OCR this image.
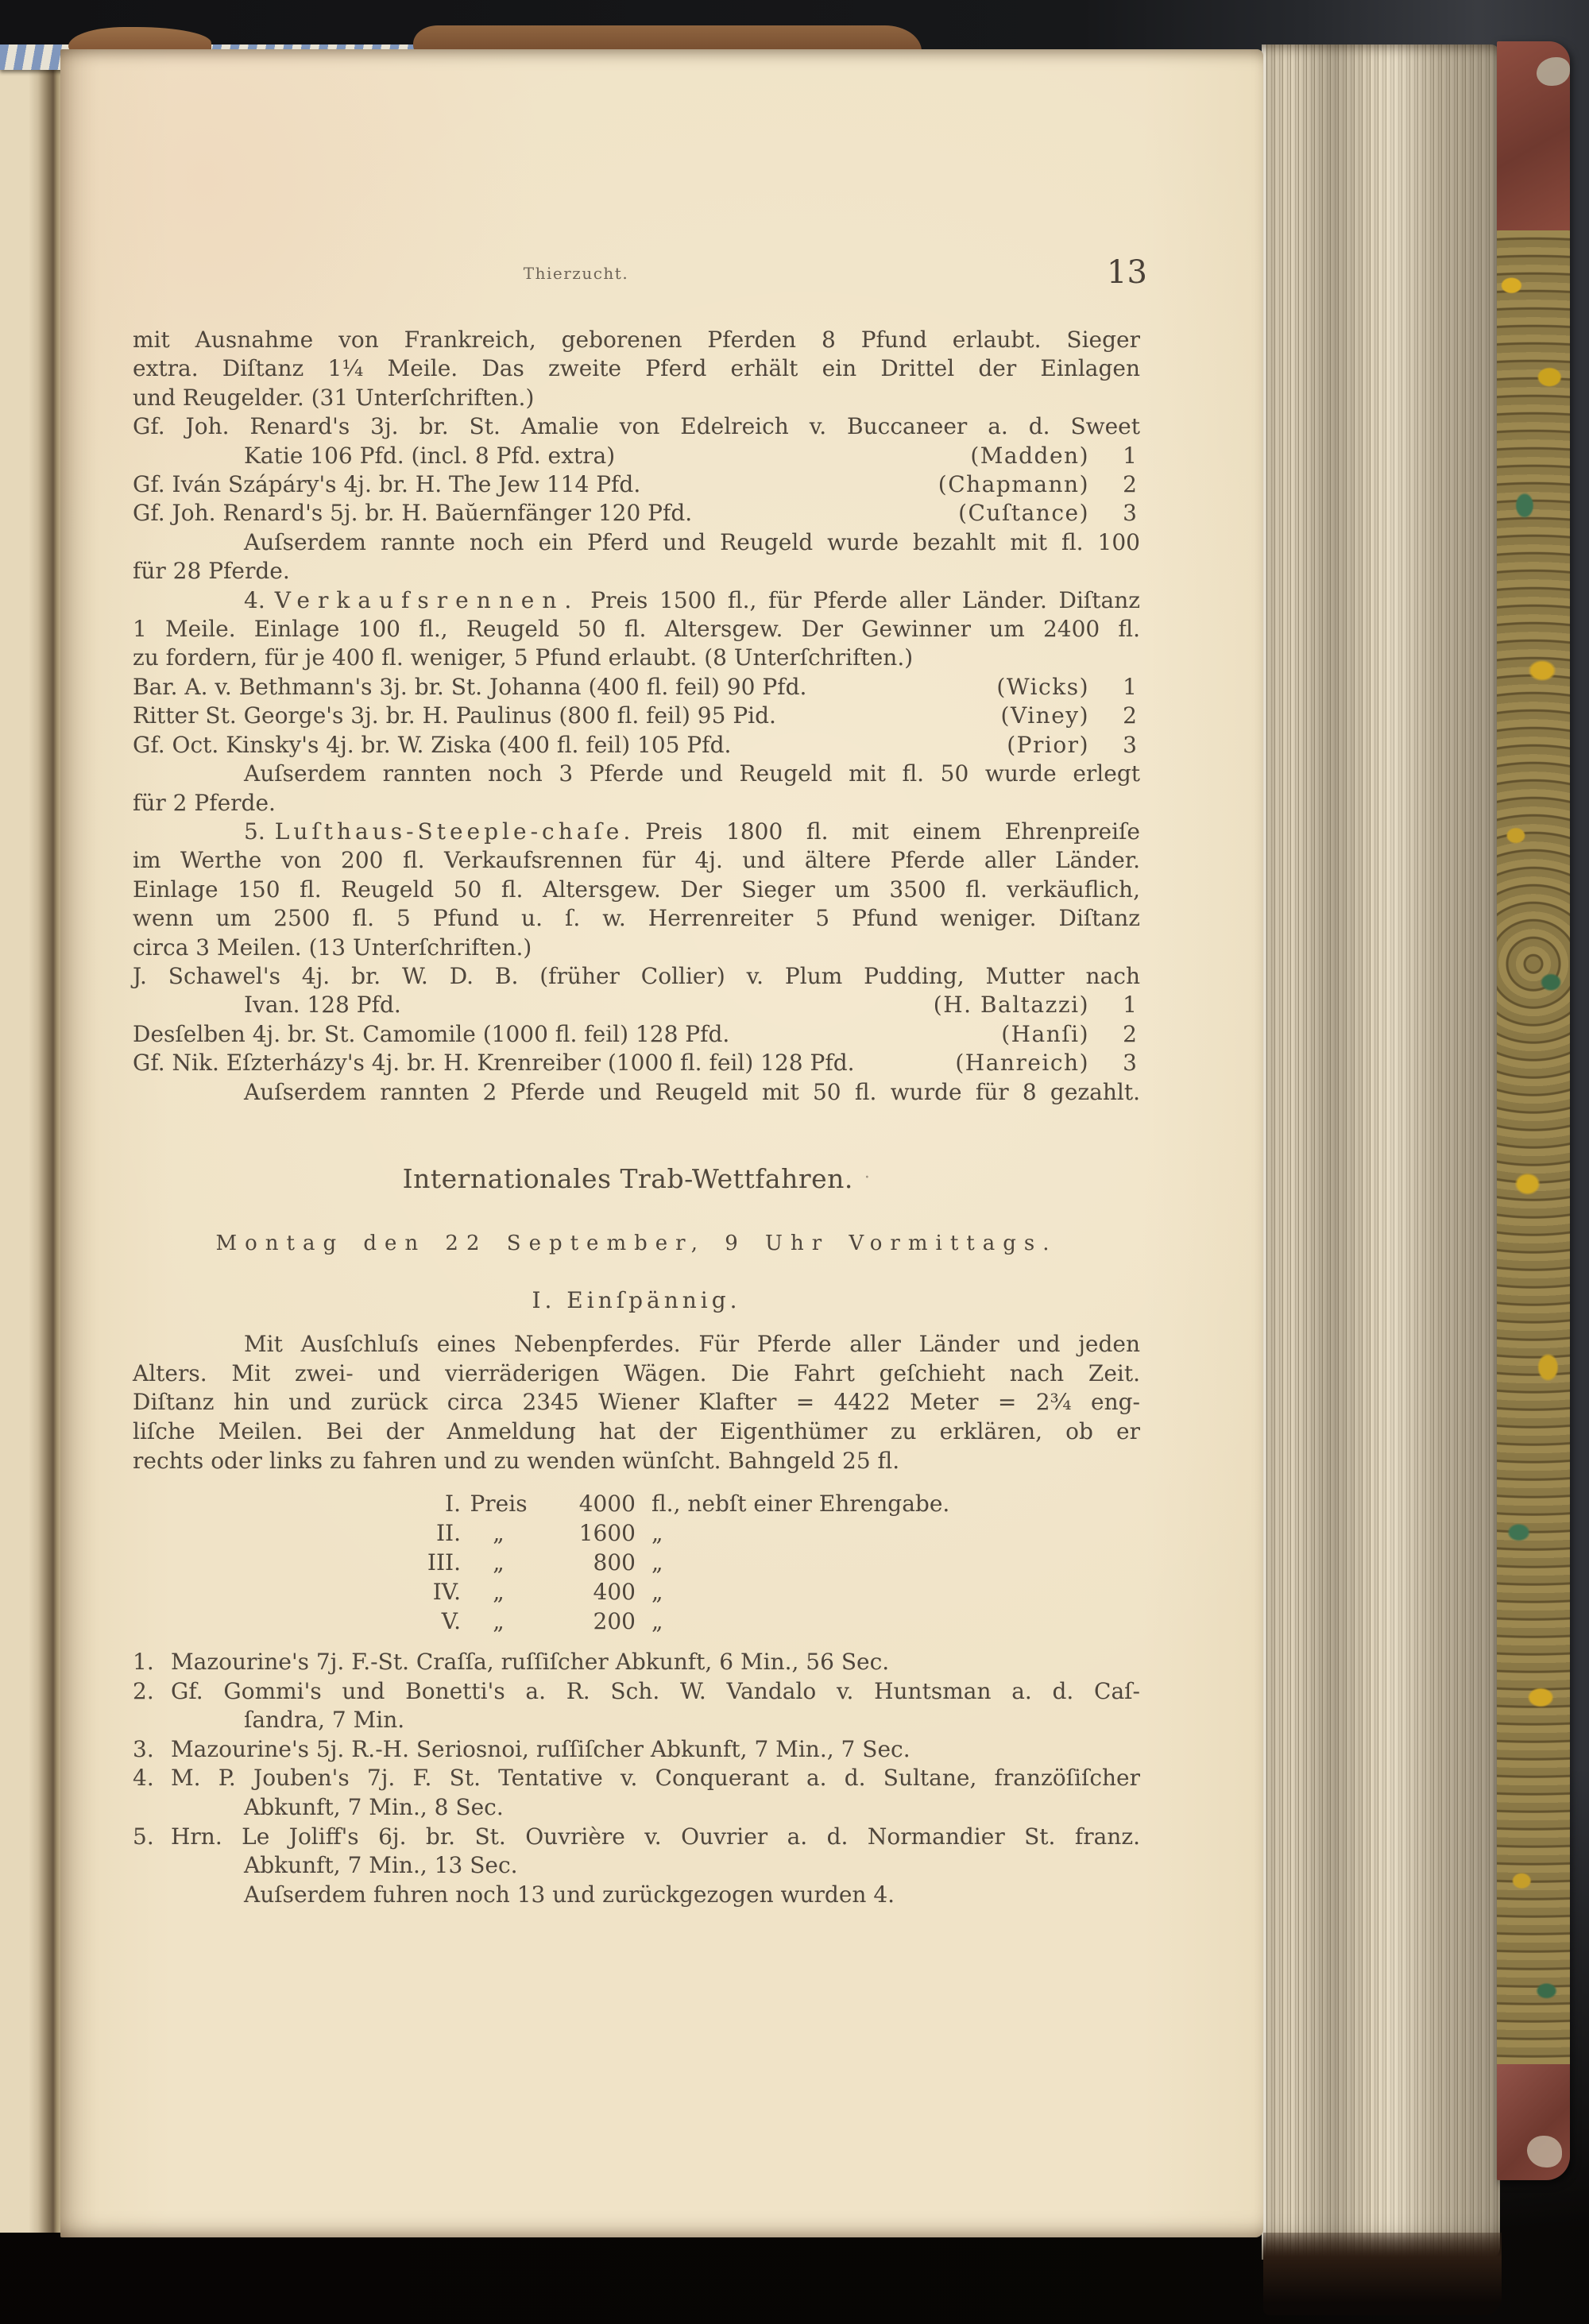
Thierzucht.	13
mit Ausnahme von Frankreich, geborenen Pferden 8 Pfund erlaubt. Sieger
extra. Diſtanz 1¹⁄₄ Meile. Das zweite Pferd erhält ein Drittel der Einlagen
und Reugelder. (31 Unterſchriften.)
Gf. Joh. Renard's 3j. br. St. Amalie von Edelreich v. Buccaneer a. d. Sweet
Katie 106 Pfd. (incl. 8 Pfd. extra)	(Madden)	1
Gf. Iván Szápáry's 4j. br. H. The Jew 114 Pfd.	(Chapmann)	2
Gf. Joh. Renard's 5j. br. H. Baŭernfänger 120 Pfd.	(Cuſtance)	3
Auſserdem rannte noch ein Pferd und Reugeld wurde bezahlt mit fl. 100
für 28 Pferde.
4. Verkaufsrennen. Preis 1500 fl., für Pferde aller Länder. Diſtanz
1 Meile. Einlage 100 fl., Reugeld 50 fl. Altersgew. Der Gewinner um 2400 fl.
zu fordern, für je 400 fl. weniger, 5 Pfund erlaubt. (8 Unterſchriften.)
Bar. A. v. Bethmann's 3j. br. St. Johanna (400 fl. feil) 90 Pfd.	(Wicks)	1
Ritter St. George's 3j. br. H. Paulinus (800 fl. feil) 95 Pid.	(Viney)	2
Gf. Oct. Kinsky's 4j. br. W. Ziska (400 fl. feil) 105 Pfd.	(Prior)	3
Auſserdem rannten noch 3 Pferde und Reugeld mit fl. 50 wurde erlegt
für 2 Pferde.
5. Luſthaus-Steeple-chaſe. Preis 1800 fl. mit einem Ehrenpreiſe
im Werthe von 200 fl. Verkaufsrennen für 4j. und ältere Pferde aller Länder.
Einlage 150 fl. Reugeld 50 fl. Altersgew. Der Sieger um 3500 fl. verkäuflich,
wenn um 2500 fl. 5 Pfund u. ſ. w. Herrenreiter 5 Pfund weniger. Diſtanz
circa 3 Meilen. (13 Unterſchriften.)
J. Schawel's 4j. br. W. D. B. (früher Collier) v. Plum Pudding, Mutter nach
Ivan. 128 Pfd.	(H. Baltazzi)	1
Desſelben 4j. br. St. Camomile (1000 fl. feil) 128 Pfd.	(Hanſi)	2
Gf. Nik. Eſzterházy's 4j. br. H. Krenreiber (1000 fl. feil) 128 Pfd.	(Hanreich)	3
Auſserdem rannten 2 Pferde und Reugeld mit 50 fl. wurde für 8 gezahlt.
Internationales Trab-Wettfahren. ·
Montag den 22 September, 9 Uhr Vormittags.
I. Einſpännig.
Mit Ausſchluſs eines Nebenpferdes. Für Pferde aller Länder und jeden
Alters. Mit zwei- und vierräderigen Wägen. Die Fahrt geſchieht nach Zeit.
Diſtanz hin und zurück circa 2345 Wiener Klafter = 4422 Meter = 2³⁄₄ eng-
liſche Meilen. Bei der Anmeldung hat der Eigenthümer zu erklären, ob er
rechts oder links zu fahren und zu wenden wünſcht. Bahngeld 25 fl.
I. Preis	4000 fl., nebſt einer Ehrengabe.
II.	„	1600 „
III.	„	800 „
IV.	„	400 „
V.	„	200 „
1. Mazourine's 7j. F.-St. Craſſa, ruſſiſcher Abkunft, 6 Min., 56 Sec.
2. Gf. Gommi's und Bonetti's a. R. Sch. W. Vandalo v. Huntsman a. d. Caſ-
ſandra, 7 Min.
3. Mazourine's 5j. R.-H. Seriosnoi, ruſſiſcher Abkunft, 7 Min., 7 Sec.
4. M. P. Jouben's 7j. F. St. Tentative v. Conquerant a. d. Sultane, franzöſiſcher
Abkunft, 7 Min., 8 Sec.
5. Hrn. Le Joliff's 6j. br. St. Ouvrière v. Ouvrier a. d. Normandier St. franz.
Abkunft, 7 Min., 13 Sec.
Auſserdem fuhren noch 13 und zurückgezogen wurden 4.
